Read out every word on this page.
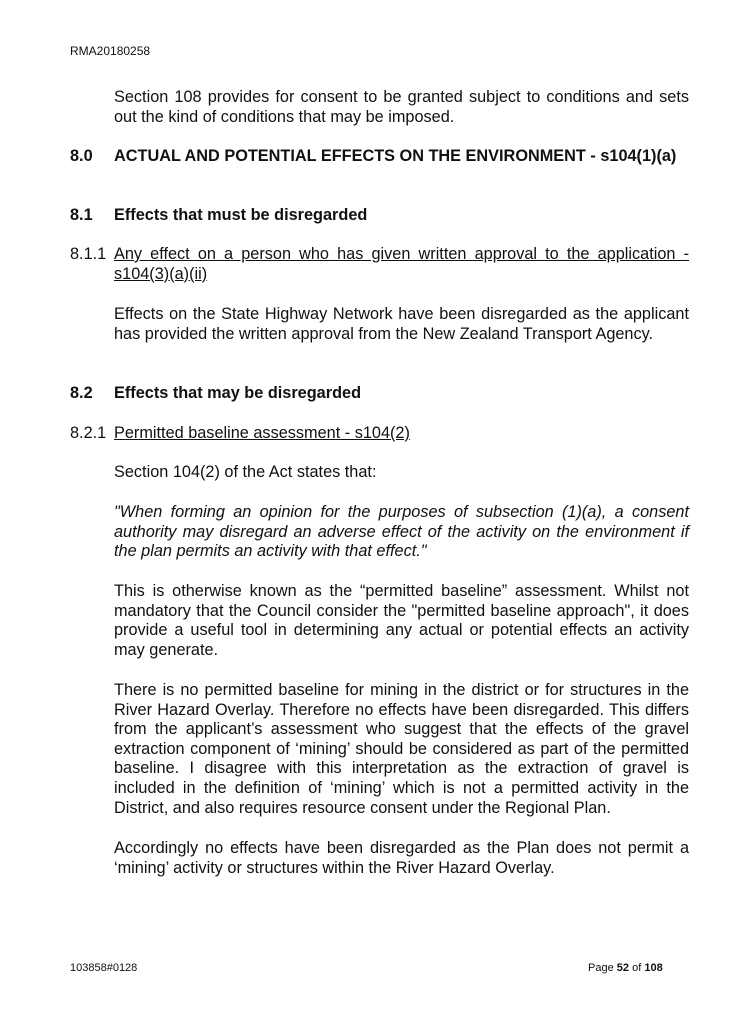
RMA20180258
Section 108 provides for consent to be granted subject to conditions and sets out the kind of conditions that may be imposed.
8.0 ACTUAL AND POTENTIAL EFFECTS ON THE ENVIRONMENT - s104(1)(a)
8.1 Effects that must be disregarded
8.1.1 Any effect on a person who has given written approval to the application - s104(3)(a)(ii)
Effects on the State Highway Network have been disregarded as the applicant has provided the written approval from the New Zealand Transport Agency.
8.2 Effects that may be disregarded
8.2.1 Permitted baseline assessment - s104(2)
Section 104(2) of the Act states that:
"When forming an opinion for the purposes of subsection (1)(a), a consent authority may disregard an adverse effect of the activity on the environment if the plan permits an activity with that effect."
This is otherwise known as the “permitted baseline” assessment. Whilst not mandatory that the Council consider the "permitted baseline approach", it does provide a useful tool in determining any actual or potential effects an activity may generate.
There is no permitted baseline for mining in the district or for structures in the River Hazard Overlay. Therefore no effects have been disregarded. This differs from the applicant’s assessment who suggest that the effects of the gravel extraction component of ‘mining’ should be considered as part of the permitted baseline. I disagree with this interpretation as the extraction of gravel is included in the definition of ‘mining’ which is not a permitted activity in the District, and also requires resource consent under the Regional Plan.
Accordingly no effects have been disregarded as the Plan does not permit a ‘mining’ activity or structures within the River Hazard Overlay.
103858#0128	Page 52 of 108
